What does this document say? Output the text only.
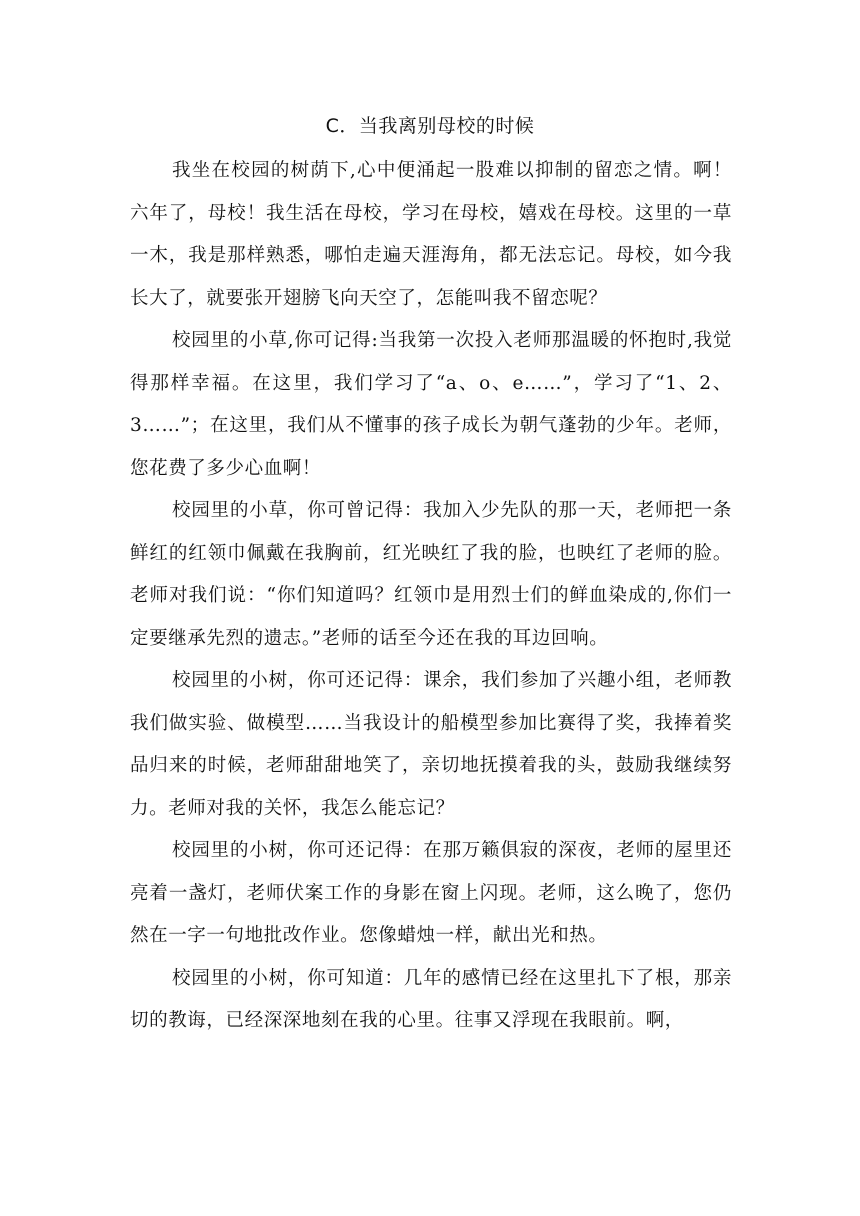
C．当我离别母校的时候

我坐在校园的树荫下,心中便涌起一股难以抑制的留恋之情。啊！六年了，母校！我生活在母校，学习在母校，嬉戏在母校。这里的一草一木，我是那样熟悉，哪怕走遍天涯海角，都无法忘记。母校，如今我长大了，就要张开翅膀飞向天空了，怎能叫我不留恋呢？

校园里的小草,你可记得:当我第一次投入老师那温暖的怀抱时,我觉得那样幸福。在这里，我们学习了“a、o、e……”，学习了“1、2、3……”；在这里，我们从不懂事的孩子成长为朝气蓬勃的少年。老师，您花费了多少心血啊！

校园里的小草，你可曾记得：我加入少先队的那一天，老师把一条鲜红的红领巾佩戴在我胸前，红光映红了我的脸，也映红了老师的脸。老师对我们说：“你们知道吗？红领巾是用烈士们的鲜血染成的,你们一定要继承先烈的遗志。”老师的话至今还在我的耳边回响。

校园里的小树，你可还记得：课余，我们参加了兴趣小组，老师教我们做实验、做模型……当我设计的船模型参加比赛得了奖，我捧着奖品归来的时候，老师甜甜地笑了，亲切地抚摸着我的头，鼓励我继续努力。老师对我的关怀，我怎么能忘记？

校园里的小树，你可还记得：在那万籁俱寂的深夜，老师的屋里还亮着一盏灯，老师伏案工作的身影在窗上闪现。老师，这么晚了，您仍然在一字一句地批改作业。您像蜡烛一样，献出光和热。

校园里的小树，你可知道：几年的感情已经在这里扎下了根，那亲切的教诲，已经深深地刻在我的心里。往事又浮现在我眼前。啊，
